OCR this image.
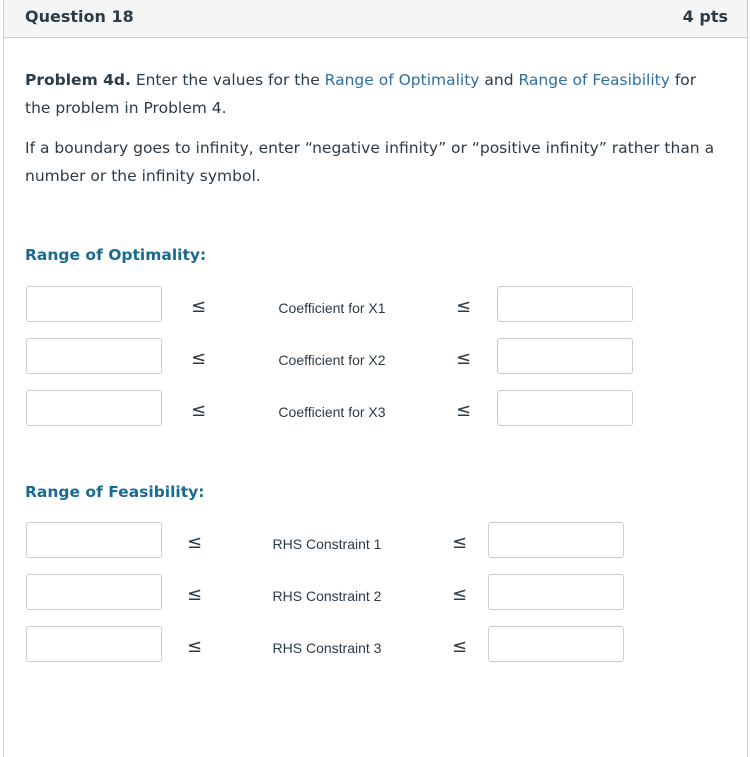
Question 18	4 pts
Problem 4d. Enter the values for the Range of Optimality and Range of Feasibility for the problem in Problem 4.
If a boundary goes to infinity, enter “negative infinity” or “positive infinity” rather than a number or the infinity symbol.
Range of Optimality:
≤	Coefficient for X1	≤
≤	Coefficient for X2	≤
≤	Coefficient for X3	≤
Range of Feasibility:
≤	RHS Constraint 1	≤
≤	RHS Constraint 2	≤
≤	RHS Constraint 3	≤
